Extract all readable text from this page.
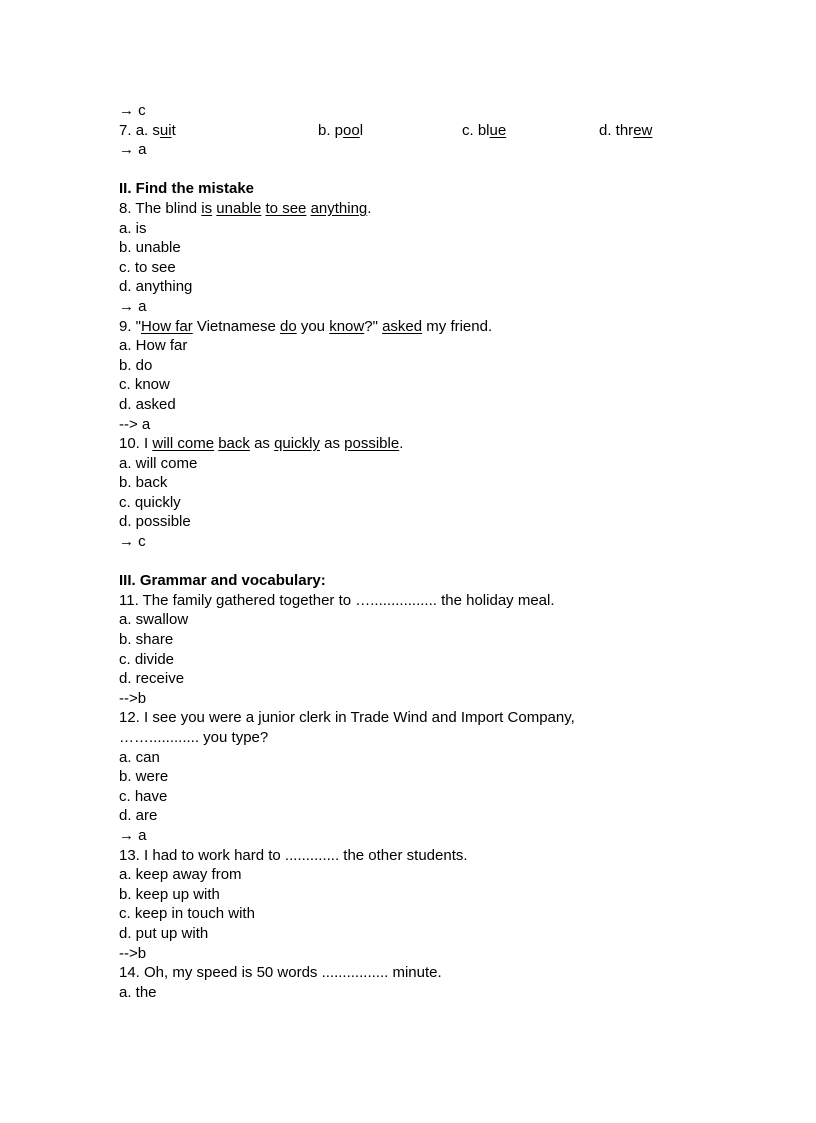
→ c
7. a. suit	b. pool	c. blue	d. threw
→ a
II. Find the mistake
8. The blind is unable to see anything.
a. is
b. unable
c. to see
d. anything
→ a
9. "How far Vietnamese do you know?" asked my friend.
a. How far
b. do
c. know
d. asked
--> a
10. I will come back as quickly as possible.
a. will come
b. back
c. quickly
d. possible
→ c
III. Grammar and vocabulary:
11. The family gathered together to …................ the holiday meal.
a. swallow
b. share
c. divide
d. receive
-->b
12. I see you were a junior clerk in Trade Wind and Import Company,
……............ you type?
a. can
b. were
c. have
d. are
→ a
13. I had to work hard to ............. the other students.
a. keep away from
b. keep up with
c. keep in touch with
d. put up with
-->b
14. Oh, my speed is 50 words ................ minute.
a. the
